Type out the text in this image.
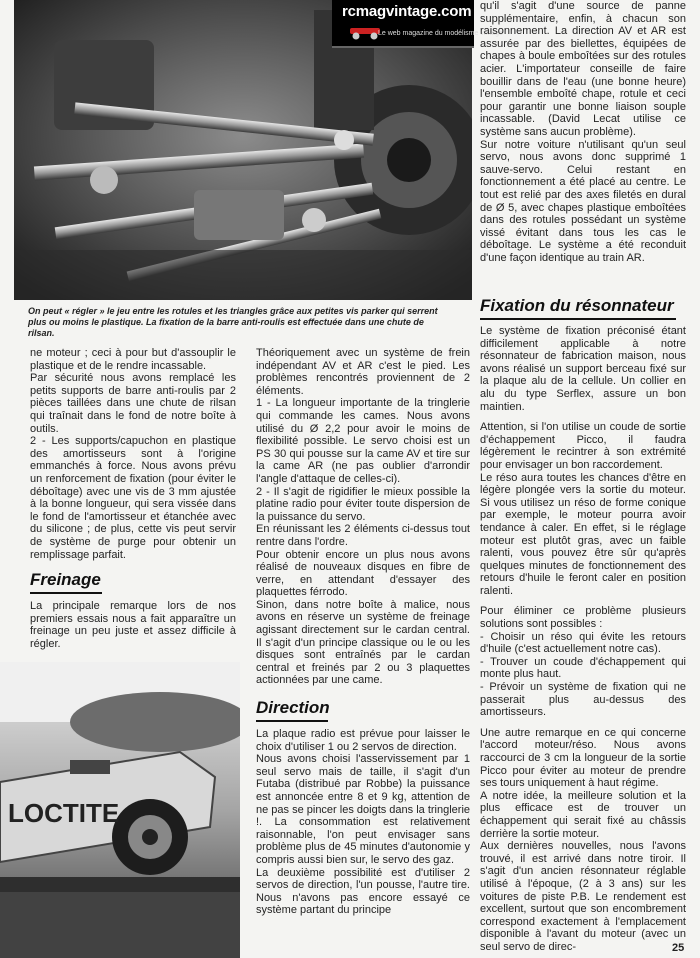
rcmagvintage.com
Le web magazine du modélisme vintage
On peut « régler » le jeu entre les rotules et les triangles grâce aux petites vis parker qui serrent plus ou moins le plastique. La fixation de la barre anti-roulis est effectuée dans une chute de rilsan.

ne moteur ; ceci à pour but d'assouplir le plastique et de le rendre incassable.

Par sécurité nous avons remplacé les petits supports de barre anti-roulis par 2 pièces taillées dans une chute de rilsan qui traînait dans le fond de notre boîte à outils.

2 - Les supports/capuchon en plastique des amortisseurs sont à l'origine emmanchés à force. Nous avons prévu un renforcement de fixation (pour éviter le déboîtage) avec une vis de 3 mm ajustée à la bonne longueur, qui sera vissée dans le fond de l'amortisseur et étanchée avec du silicone ; de plus, cette vis peut servir de système de purge pour obtenir un remplissage parfait.

Freinage

La principale remarque lors de nos premiers essais nous a fait apparaître un freinage un peu juste et assez difficile à régler.

LOCTITE

Théoriquement avec un système de frein indépendant AV et AR c'est le pied. Les problèmes rencontrés proviennent de 2 éléments.

1 - La longueur importante de la tringlerie qui commande les cames. Nous avons utilisé du Ø 2,2 pour avoir le moins de flexibilité possible. Le servo choisi est un PS 30 qui pousse sur la came AV et tire sur la came AR (ne pas oublier d'arrondir l'angle d'attaque de celles-ci).

2 - Il s'agit de rigidifier le mieux possible la platine radio pour éviter toute dispersion de la puissance du servo.

En réunissant les 2 éléments ci-dessus tout rentre dans l'ordre.

Pour obtenir encore un plus nous avons réalisé de nouveaux disques en fibre de verre, en attendant d'essayer des plaquettes férrodo.

Sinon, dans notre boîte à malice, nous avons en réserve un système de freinage agissant directement sur le cardan central. Il s'agit d'un principe classique ou le ou les disques sont entraînés par le cardan central et freinés par 2 ou 3 plaquettes actionnées par une came.

Direction

La plaque radio est prévue pour laisser le choix d'utiliser 1 ou 2 servos de direction.

Nous avons choisi l'asservissement par 1 seul servo mais de taille, il s'agit d'un Futaba (distribué par Robbe) la puissance est annoncée entre 8 et 9 kg, attention de ne pas se pincer les doigts dans la tringlerie !. La consommation est relativement raisonnable, l'on peut envisager sans problème plus de 45 minutes d'autonomie y compris aussi bien sur, le servo des gaz.

La deuxième possibilité est d'utiliser 2 servos de direction, l'un pousse, l'autre tire. Nous n'avons pas encore essayé ce système partant du principe

qu'il s'agit d'une source de panne supplémentaire, enfin, à chacun son raisonnement. La direction AV et AR est assurée par des biellettes, équipées de chapes à boule emboîtées sur des rotules acier. L'importateur conseille de faire bouillir dans de l'eau (une bonne heure) l'ensemble emboîté chape, rotule et ceci pour garantir une bonne liaison souple incassable. (David Lecat utilise ce système sans aucun problème).

Sur notre voiture n'utilisant qu'un seul servo, nous avons donc supprimé 1 sauve-servo. Celui restant en fonctionnement a été placé au centre. Le tout est relié par des axes filetés en dural de Ø 5, avec chapes plastique emboîtées dans des rotules possédant un système vissé évitant dans tous les cas le déboîtage. Le système a été reconduit d'une façon identique au train AR.

Fixation du résonnateur

Le système de fixation préconisé étant difficilement applicable à notre résonnateur de fabrication maison, nous avons réalisé un support berceau fixé sur la plaque alu de la cellule. Un collier en alu du type Serflex, assure un bon maintien.

Attention, si l'on utilise un coude de sortie d'échappement Picco, il faudra légèrement le recintrer à son extrémité pour envisager un bon raccordement.

Le réso aura toutes les chances d'être en légère plongée vers la sortie du moteur. Si vous utilisez un réso de forme conique par exemple, le moteur pourra avoir tendance à caler. En effet, si le réglage moteur est plutôt gras, avec un faible ralenti, vous pouvez être sûr qu'après quelques minutes de fonctionnement des retours d'huile le feront caler en position ralenti.

Pour éliminer ce problème plusieurs solutions sont possibles :

- Choisir un réso qui évite les retours d'huile (c'est actuellement notre cas).

- Trouver un coude d'échappement qui monte plus haut.

- Prévoir un système de fixation qui ne passerait plus au-dessus des amortisseurs.

Une autre remarque en ce qui concerne l'accord moteur/réso. Nous avons raccourci de 3 cm la longueur de la sortie Picco pour éviter au moteur de prendre ses tours uniquement à haut régime.

A notre idée, la meilleure solution et la plus efficace est de trouver un échappement qui serait fixé au châssis derrière la sortie moteur.

Aux dernières nouvelles, nous l'avons trouvé, il est arrivé dans notre tiroir. Il s'agit d'un ancien résonnateur réglable utilisé à l'époque, (2 à 3 ans) sur les voitures de piste P.B. Le rendement est excellent, surtout que son encombrement correspond exactement à l'emplacement disponible à l'avant du moteur (avec un seul servo de direc-	25
